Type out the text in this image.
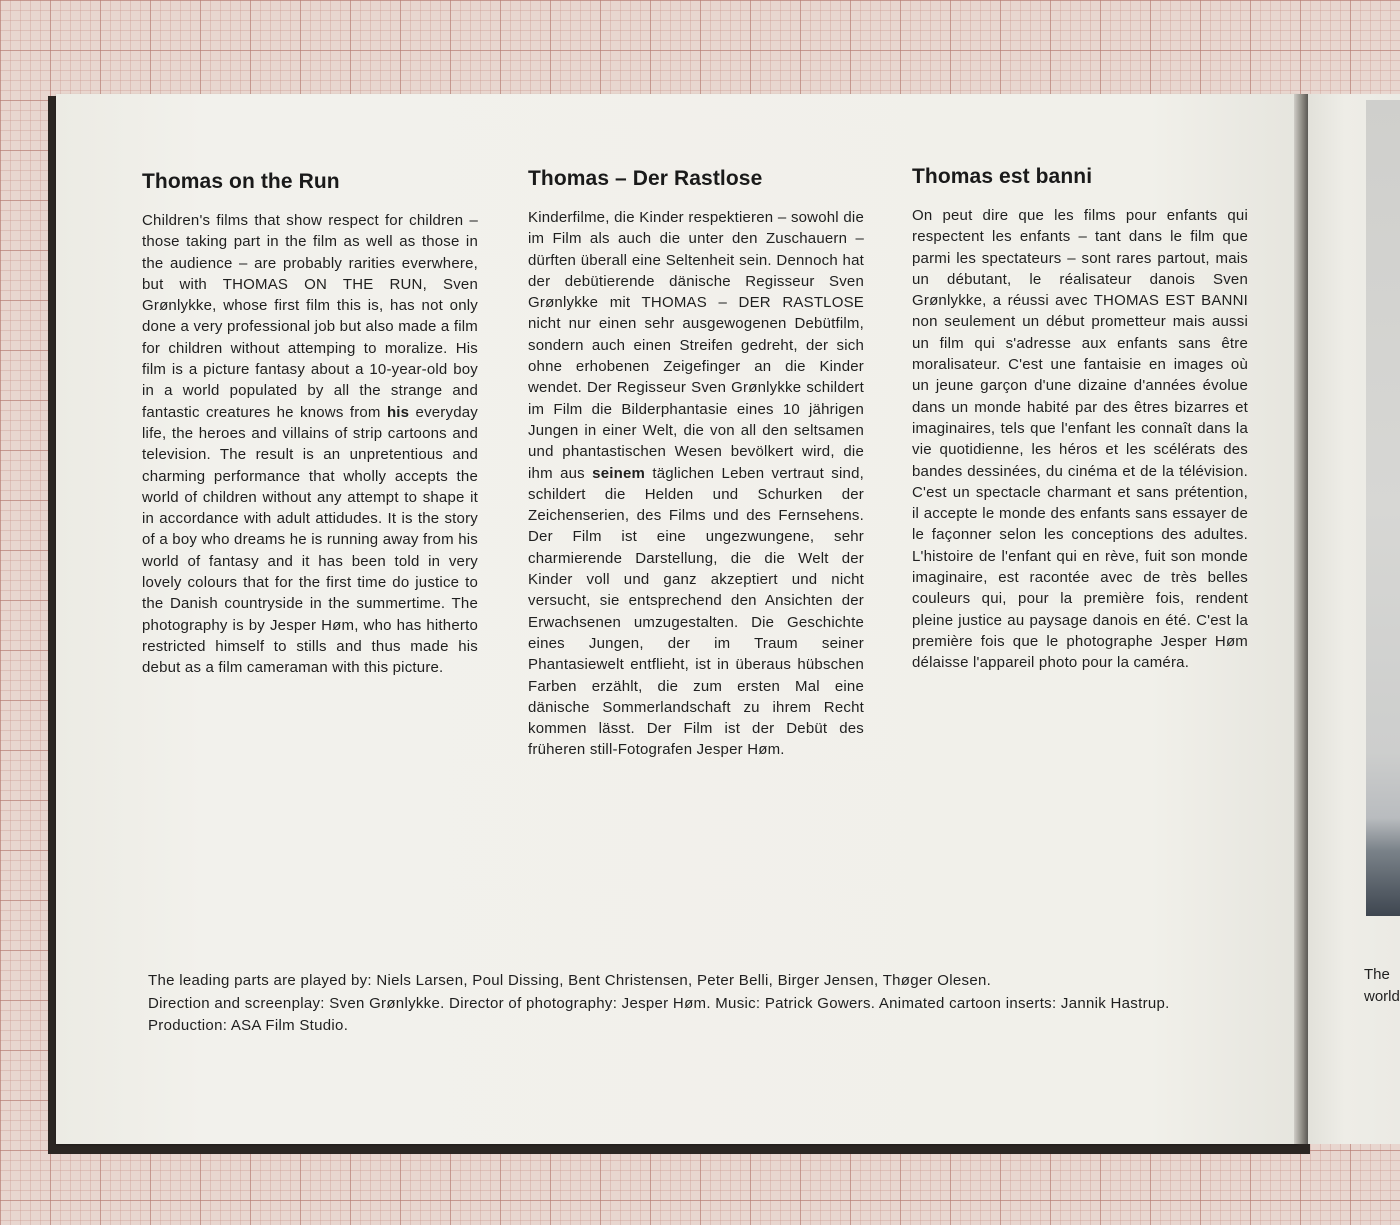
The
world
Thomas on the Run

Children's films that show respect for children – those taking part in the film as well as those in the audience – are probably rarities everwhere, but with THOMAS ON THE RUN, Sven Grønlykke, whose first film this is, has not only done a very professional job but also made a film for children without attemping to moralize. His film is a picture fantasy about a 10-year-old boy in a world populated by all the strange and fantastic creatures he knows from his everyday life, the heroes and villains of strip cartoons and television. The result is an unpretentious and charming performance that wholly accepts the world of children without any attempt to shape it in accordance with adult attidudes. It is the story of a boy who dreams he is running away from his world of fantasy and it has been told in very lovely colours that for the first time do justice to the Danish countryside in the summertime. The photography is by Jesper Høm, who has hitherto restricted himself to stills and thus made his debut as a film cameraman with this picture.

Thomas – Der Rastlose

Kinderfilme, die Kinder respektieren – sowohl die im Film als auch die unter den Zuschauern – dürften überall eine Seltenheit sein. Dennoch hat der debütierende dänische Regisseur Sven Grønlykke mit THOMAS – DER RASTLOSE nicht nur einen sehr ausgewogenen Debütfilm, sondern auch einen Streifen gedreht, der sich ohne erhobenen Zeigefinger an die Kinder wendet. Der Regisseur Sven Grønlykke schildert im Film die Bilderphantasie eines 10 jährigen Jungen in einer Welt, die von all den seltsamen und phantastischen Wesen bevölkert wird, die ihm aus seinem täglichen Leben vertraut sind, schildert die Helden und Schurken der Zeichenserien, des Films und des Fernsehens. Der Film ist eine ungezwungene, sehr charmierende Darstellung, die die Welt der Kinder voll und ganz akzeptiert und nicht versucht, sie entsprechend den Ansichten der Erwachsenen umzugestalten. Die Geschichte eines Jungen, der im Traum seiner Phantasiewelt entflieht, ist in überaus hübschen Farben erzählt, die zum ersten Mal eine dänische Sommerlandschaft zu ihrem Recht kommen lässt. Der Film ist der Debüt des früheren still-Fotografen Jesper Høm.

Thomas est banni

On peut dire que les films pour enfants qui respectent les enfants – tant dans le film que parmi les spectateurs – sont rares partout, mais un débutant, le réalisateur danois Sven Grønlykke, a réussi avec THOMAS EST BANNI non seulement un début prometteur mais aussi un film qui s'adresse aux enfants sans être moralisateur. C'est une fantaisie en images où un jeune garçon d'une dizaine d'années évolue dans un monde habité par des êtres bizarres et imaginaires, tels que l'enfant les connaît dans la vie quotidienne, les héros et les scélérats des bandes dessinées, du cinéma et de la télévision. C'est un spectacle charmant et sans prétention, il accepte le monde des enfants sans essayer de le façonner selon les conceptions des adultes. L'histoire de l'enfant qui en rève, fuit son monde imaginaire, est racontée avec de très belles couleurs qui, pour la première fois, rendent pleine justice au paysage danois en été. C'est la première fois que le photographe Jesper Høm délaisse l'appareil photo pour la caméra.

The leading parts are played by: Niels Larsen, Poul Dissing, Bent Christensen, Peter Belli, Birger Jensen, Thøger Olesen.

Direction and screenplay: Sven Grønlykke. Director of photography: Jesper Høm. Music: Patrick Gowers. Animated cartoon inserts: Jannik Hastrup. Production: ASA Film Studio.
